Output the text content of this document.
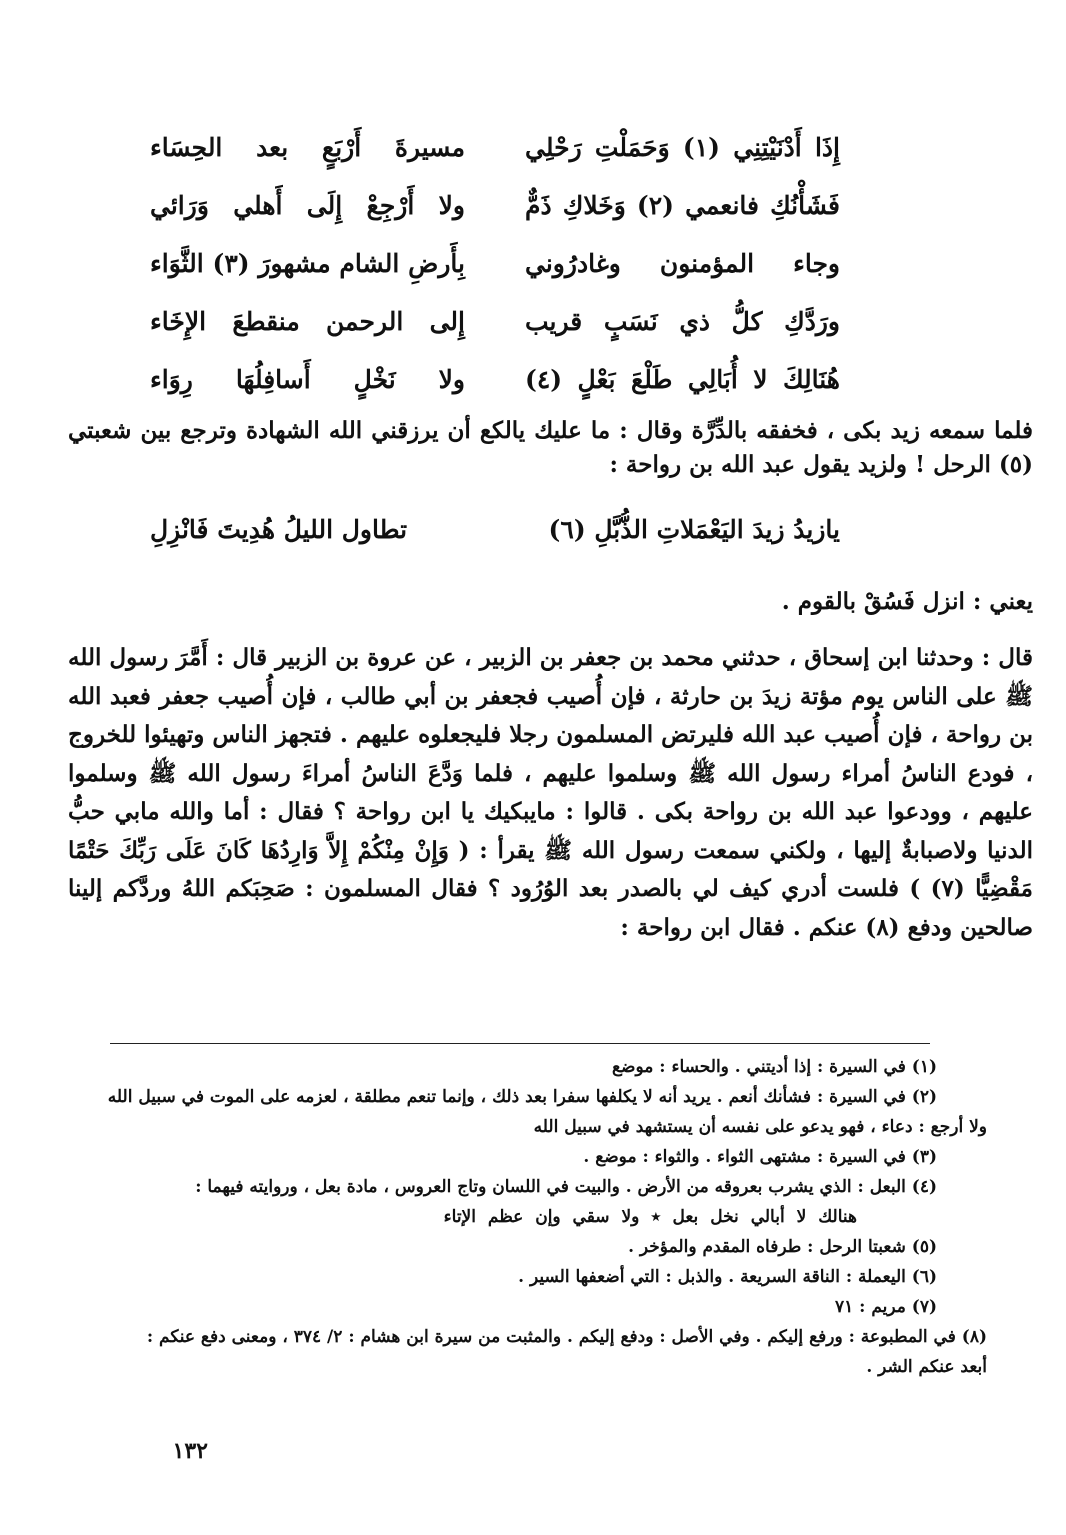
إِذَا أَدْنَيْتِنِي (١) وَحَمَلْتِ رَحْلِي
مسيرةَ أَرْبَعٍ بعد الحِسَاء
فَشَأْنُكِ فانعمي (٢) وَخَلاكِ ذَمٌّ
ولا أَرْجِعْ إِلَى أَهلي وَرَائي
وجاء المؤمنون وغادرُوني
بِأَرضِ الشام مشهورَ (٣) الثَّوَاء
ورَدَّكِ كلُّ ذي نَسَبٍ قريب
إِلى الرحمن منقطعَ الإِخَاء
هُنَالِكَ لا أُبَالِي طَلْعَ بَعْلٍ (٤)
ولا نَخْلٍ أَسافِلُهَا رِوَاء

فلما سمعه زيد بكى ، فخفقه بالدِّرَّة وقال : ما عليك يالكع أن يرزقني الله الشهادة وترجع بين شعبتي (٥) الرحل ! ولزيد يقول عبد الله بن رواحة :

يازيدُ زيدَ اليَعْمَلاتِ الذُّبَّلِ (٦)
تطاول الليلُ هُدِيتَ فَانْزِلِ

يعني : انزل فَسُقْ بالقوم .

قال : وحدثنا ابن إسحاق ، حدثني محمد بن جعفر بن الزبير ، عن عروة بن الزبير قال : أَمَّرَ رسول الله ﷺ على الناس يوم مؤتة زيدَ بن حارثة ، فإن أُصيب فجعفر بن أبي طالب ، فإن أُصيب جعفر فعبد الله بن رواحة ، فإن أُصيب عبد الله فليرتض المسلمون رجلا فليجعلوه عليهم . فتجهز الناس وتهيئوا للخروج ، فودع الناسُ أمراء رسول الله ﷺ وسلموا عليهم ، فلما وَدَّعَ الناسُ أمراءَ رسول الله ﷺ وسلموا عليهم ، وودعوا عبد الله بن رواحة بكى . قالوا : مايبكيك يا ابن رواحة ؟ فقال : أما والله مابي حبُّ الدنيا ولاصبابةٌ إليها ، ولكني سمعت رسول الله ﷺ يقرأ : ( وَإِنْ مِنْكُمْ إِلاَّ وَارِدُهَا كَانَ عَلَى رَبِّكَ حَتْمًا مَقْضِيًّا (٧) ) فلست أدري كيف لي بالصدر بعد الوُرُود ؟ فقال المسلمون : صَحِبَكم اللهُ وردَّكم إلينا صالحين ودفع (٨) عنكم . فقال ابن رواحة :

(١) في السيرة : إذا أديتني . والحساء : موضع

(٢) في السيرة : فشأنك أنعم . يريد أنه لا يكلفها سفرا بعد ذلك ، وإنما تنعم مطلقة ، لعزمه على الموت في سبيل الله

ولا أرجع : دعاء ، فهو يدعو على نفسه أن يستشهد في سبيل الله

(٣) في السيرة : مشتهى الثواء . والثواء : موضع .

(٤) البعل : الذي يشرب بعروقه من الأرض . والبيت في اللسان وتاج العروس ، مادة بعل ، وروايته فيهما :

هنالك لا أبالي نخل بعل ٭ ولا سقي وإن عظم الإتاء

(٥) شعبتا الرحل : طرفاه المقدم والمؤخر .

(٦) اليعملة : الناقة السريعة . والذبل : التي أضعفها السير .

(٧) مريم : ٧١

(٨) في المطبوعة : ورفع إليكم . وفي الأصل : ودفع إليكم . والمثبت من سيرة ابن هشام : ٢/ ٣٧٤ ، ومعنى دفع عنكم :

أبعد عنكم الشر .

١٣٢
